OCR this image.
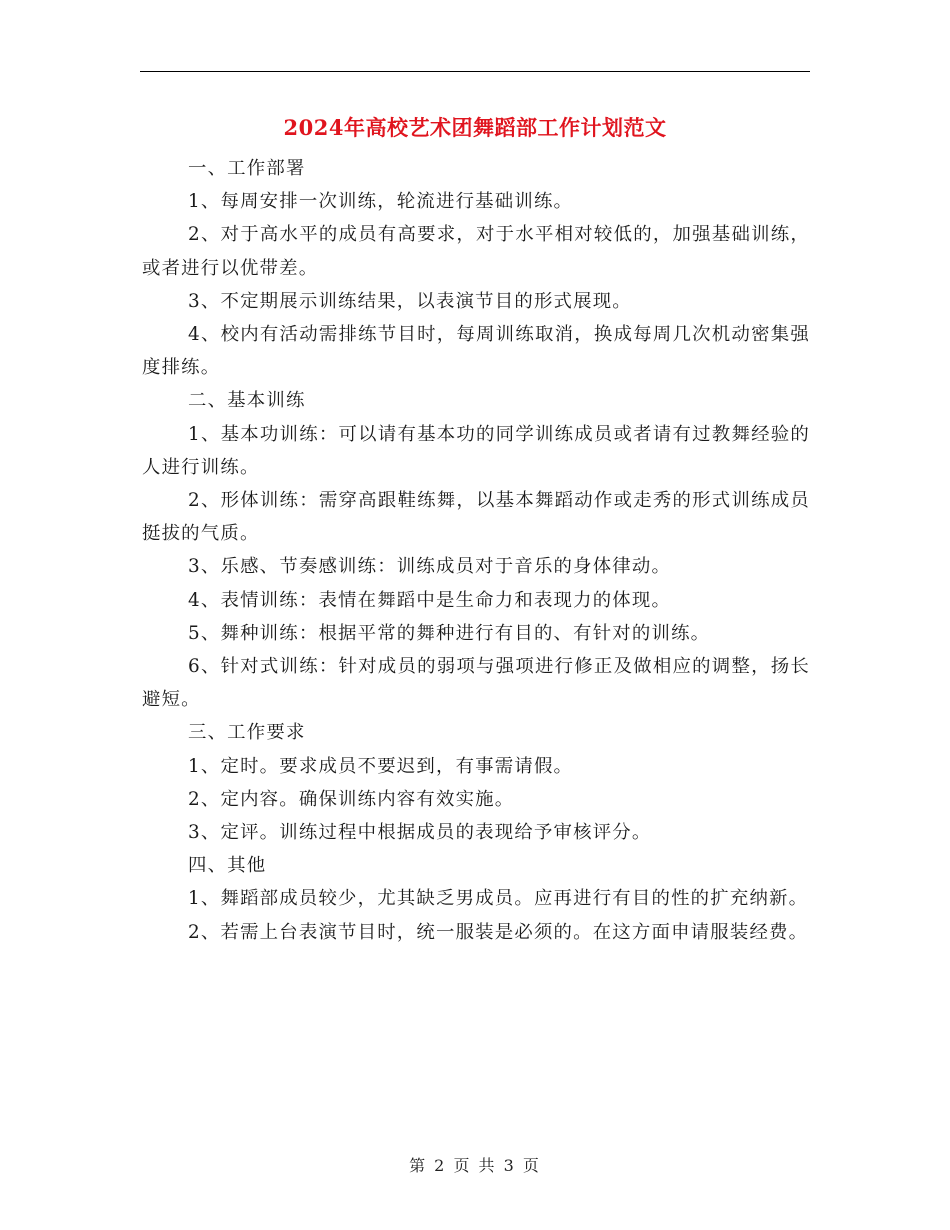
2024年高校艺术团舞蹈部工作计划范文

一、工作部署

1、每周安排一次训练，轮流进行基础训练。

2、对于高水平的成员有高要求，对于水平相对较低的，加强基础训练，或者进行以优带差。

3、不定期展示训练结果，以表演节目的形式展现。

4、校内有活动需排练节目时，每周训练取消，换成每周几次机动密集强度排练。

二、基本训练

1、基本功训练：可以请有基本功的同学训练成员或者请有过教舞经验的人进行训练。

2、形体训练：需穿高跟鞋练舞，以基本舞蹈动作或走秀的形式训练成员挺拔的气质。

3、乐感、节奏感训练：训练成员对于音乐的身体律动。

4、表情训练：表情在舞蹈中是生命力和表现力的体现。

5、舞种训练：根据平常的舞种进行有目的、有针对的训练。

6、针对式训练：针对成员的弱项与强项进行修正及做相应的调整，扬长避短。

三、工作要求

1、定时。要求成员不要迟到，有事需请假。

2、定内容。确保训练内容有效实施。

3、定评。训练过程中根据成员的表现给予审核评分。

四、其他

1、舞蹈部成员较少，尤其缺乏男成员。应再进行有目的性的扩充纳新。

2、若需上台表演节目时，统一服装是必须的。在这方面申请服装经费。

第 2 页 共 3 页
